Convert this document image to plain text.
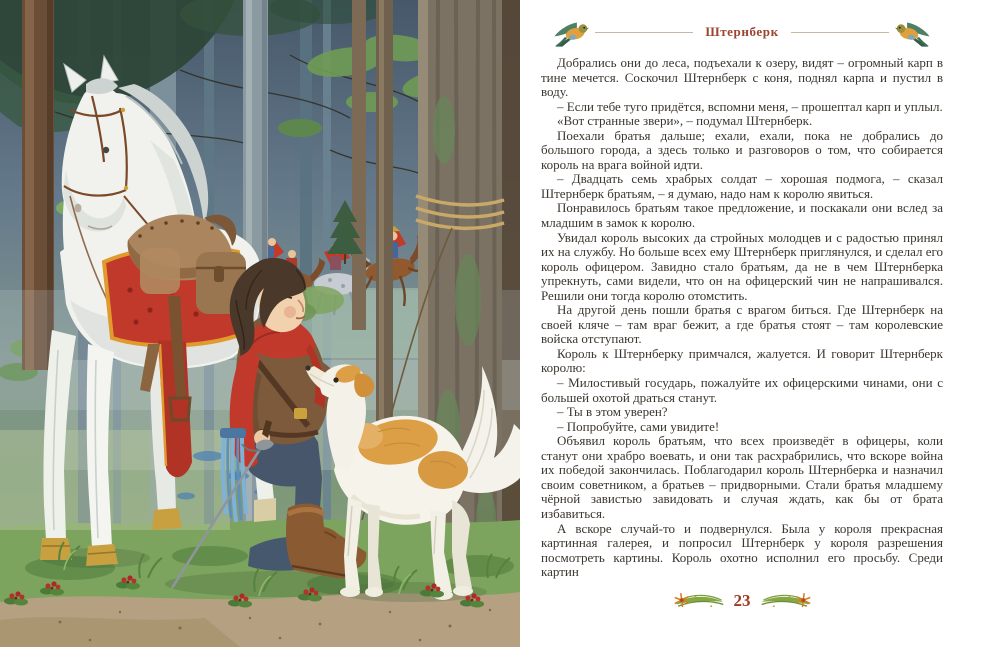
Штернберк

Добрались они до леса, подъехали к озеру, видят – огромный карп в тине мечется. Соскочил Штернберк с коня, поднял карпа и пустил в воду.

– Если тебе туго придётся, вспомни меня, – прошептал карп и уплыл.

«Вот странные звери», – подумал Штернберк.

Поехали братья дальше; ехали, ехали, пока не добрались до большого города, а здесь только и разговоров о том, что собирается король на врага войной идти.

– Двадцать семь храбрых солдат – хорошая подмога, – сказал Штернберк братьям, – я думаю, надо нам к королю явиться.

Понравилось братьям такое предложение, и поскакали они вслед за младшим в замок к королю.

Увидал король высоких да стройных молодцев и с радостью принял их на службу. Но больше всех ему Штернберк приглянулся, и сделал его король офицером. Завидно стало братьям, да не в чем Штернберка упрекнуть, сами видели, что он на офицерский чин не напрашивался. Решили они тогда королю отомстить.

На другой день пошли братья с врагом биться. Где Штернберк на своей кляче – там враг бежит, а где братья стоят – там королевские войска отступают.

Король к Штернберку примчался, жалуется. И говорит Штернберк королю:

– Милостивый государь, пожалуйте их офицерскими чинами, они с большей охотой драться станут.

– Ты в этом уверен?

– Попробуйте, сами увидите!

Объявил король братьям, что всех произведёт в офицеры, коли станут они храбро воевать, и они так расхрабрились, что вскоре война их победой закончилась. Поблагодарил король Штернберка и назначил своим советником, а братьев – придворными. Стали братья младшему чёрной завистью завидовать и случая ждать, как бы от брата избавиться.

А вскоре случай-то и подвернулся. Была у короля прекрасная картинная галерея, и попросил Штернберк у короля разрешения посмотреть картины. Король охотно исполнил его просьбу. Среди картин

23
